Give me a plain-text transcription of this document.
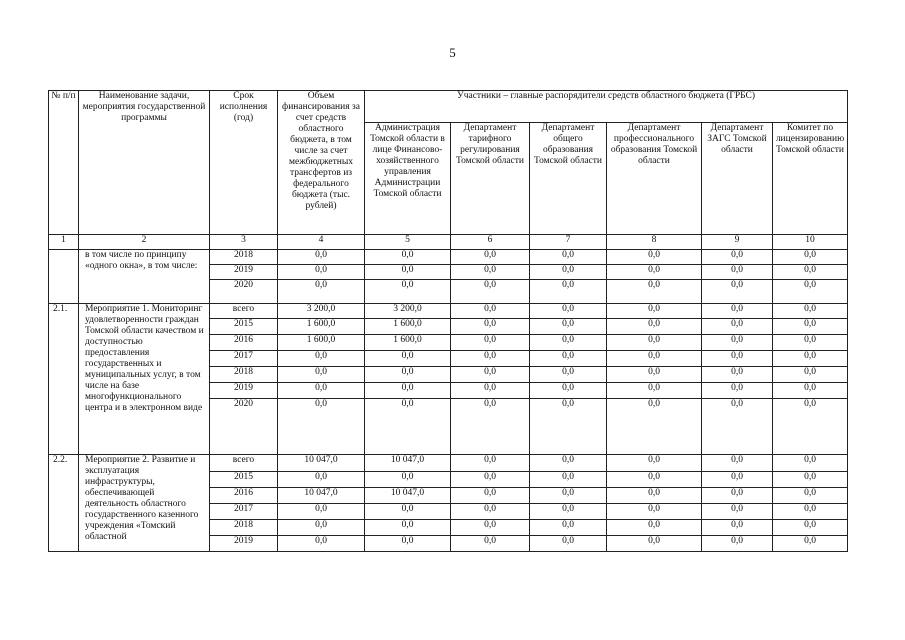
5
№ п/п	Наименование задачи, мероприятия государственной программы	Срок исполнения (год)	Объем финансирования за счет средств областного бюджета, в том числе за счет межбюджетных трансфертов из федерального бюджета (тыс. рублей)	Участники – главные распорядители средств областного бюджета (ГРБС)					
				Администрация Томской области в лице Финансово-хозяйственного управления Администрации Томской области	Департамент тарифного регулирования Томской области	Департамент общего образования Томской области	Департамент профессионального образования Томской области	Департамент ЗАГС Томской области	Комитет по лицензированию Томской области
1	2	3	4	5	6	7	8	9	10
	в том числе по принципу «одного окна», в том числе:	2018	0,0	0,0	0,0	0,0	0,0	0,0	0,0
		2019	0,0	0,0	0,0	0,0	0,0	0,0	0,0
		2020	0,0	0,0	0,0	0,0	0,0	0,0	0,0
2.1.	Мероприятие 1. Мониторинг удовлетворенности граждан Томской области качеством и доступностью предоставления государственных и муниципальных услуг, в том числе на базе многофункционального центра и в электронном виде	всего	3 200,0	3 200,0	0,0	0,0	0,0	0,0	0,0
		2015	1 600,0	1 600,0	0,0	0,0	0,0	0,0	0,0
		2016	1 600,0	1 600,0	0,0	0,0	0,0	0,0	0,0
		2017	0,0	0,0	0,0	0,0	0,0	0,0	0,0
		2018	0,0	0,0	0,0	0,0	0,0	0,0	0,0
		2019	0,0	0,0	0,0	0,0	0,0	0,0	0,0
		2020	0,0	0,0	0,0	0,0	0,0	0,0	0,0
2.2.	Мероприятие 2. Развитие и эксплуатация инфраструктуры, обеспечивающей деятельность областного государственного казенного учреждения «Томский областной	всего	10 047,0	10 047,0	0,0	0,0	0,0	0,0	0,0
		2015	0,0	0,0	0,0	0,0	0,0	0,0	0,0
		2016	10 047,0	10 047,0	0,0	0,0	0,0	0,0	0,0
		2017	0,0	0,0	0,0	0,0	0,0	0,0	0,0
		2018	0,0	0,0	0,0	0,0	0,0	0,0	0,0
		2019	0,0	0,0	0,0	0,0	0,0	0,0	0,0
